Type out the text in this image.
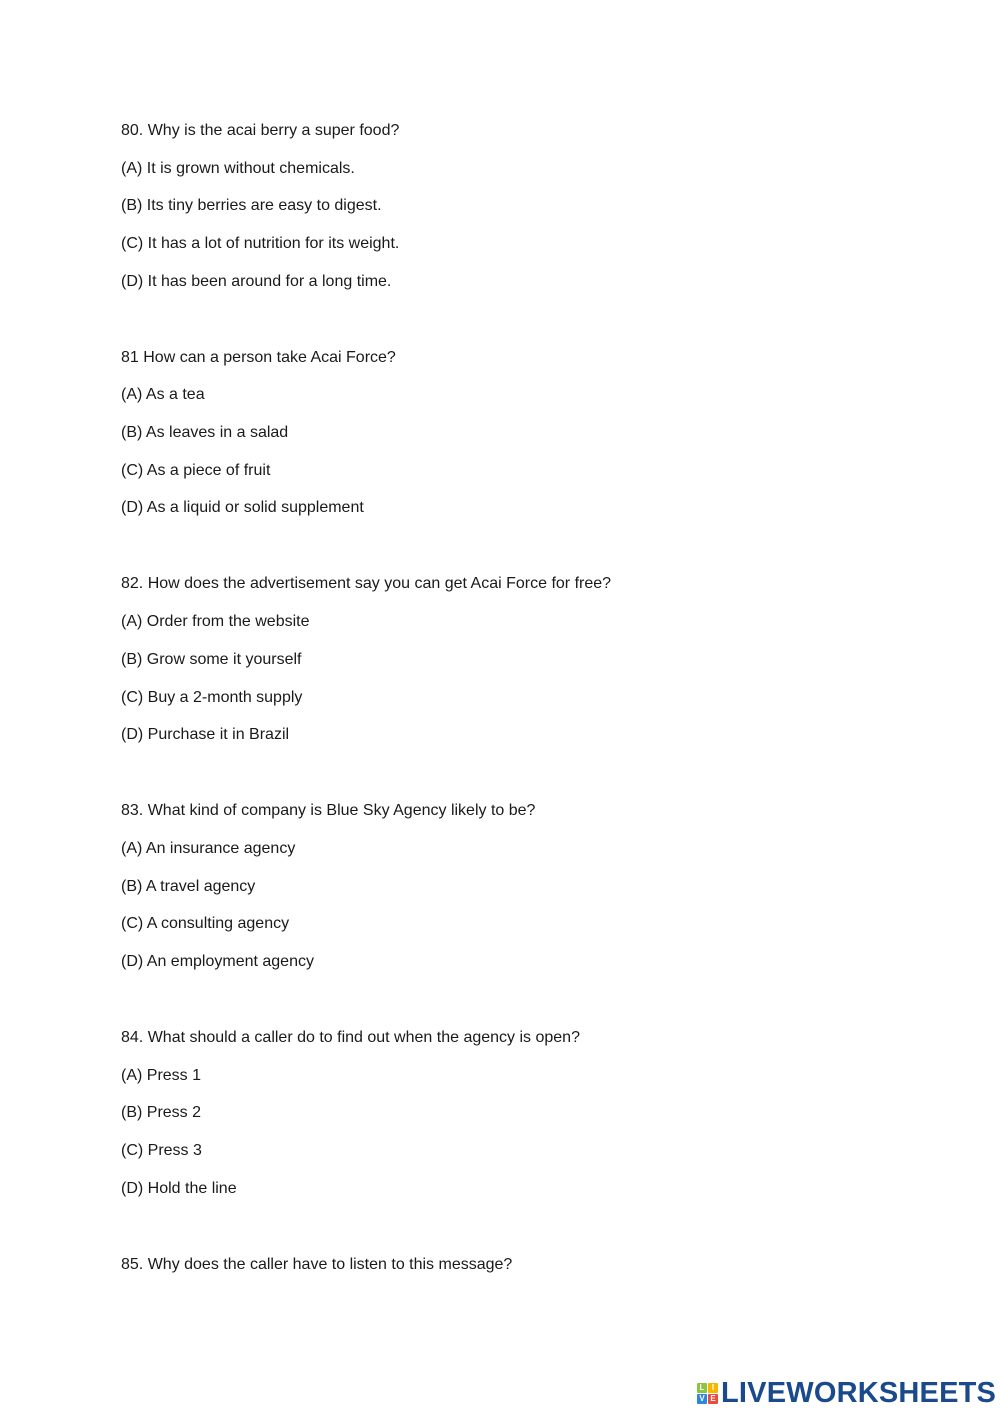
80. Why is the acai berry a super food?
(A) It is grown without chemicals.
(B) Its tiny berries are easy to digest.
(C) It has a lot of nutrition for its weight.
(D) It has been around for a long time.
81 How can a person take Acai Force?
(A) As a tea
(B) As leaves in a salad
(C) As a piece of fruit
(D) As a liquid or solid supplement
82. How does the advertisement say you can get Acai Force for free?
(A) Order from the website
(B) Grow some it yourself
(C) Buy a 2-month supply
(D) Purchase it in Brazil
83. What kind of company is Blue Sky Agency likely to be?
(A) An insurance agency
(B) A travel agency
(C) A consulting agency
(D) An employment agency
84. What should a caller do to find out when the agency is open?
(A) Press 1
(B) Press 2
(C) Press 3
(D) Hold the line
85. Why does the caller have to listen to this message?
L I
V E LIVEWORKSHEETS
